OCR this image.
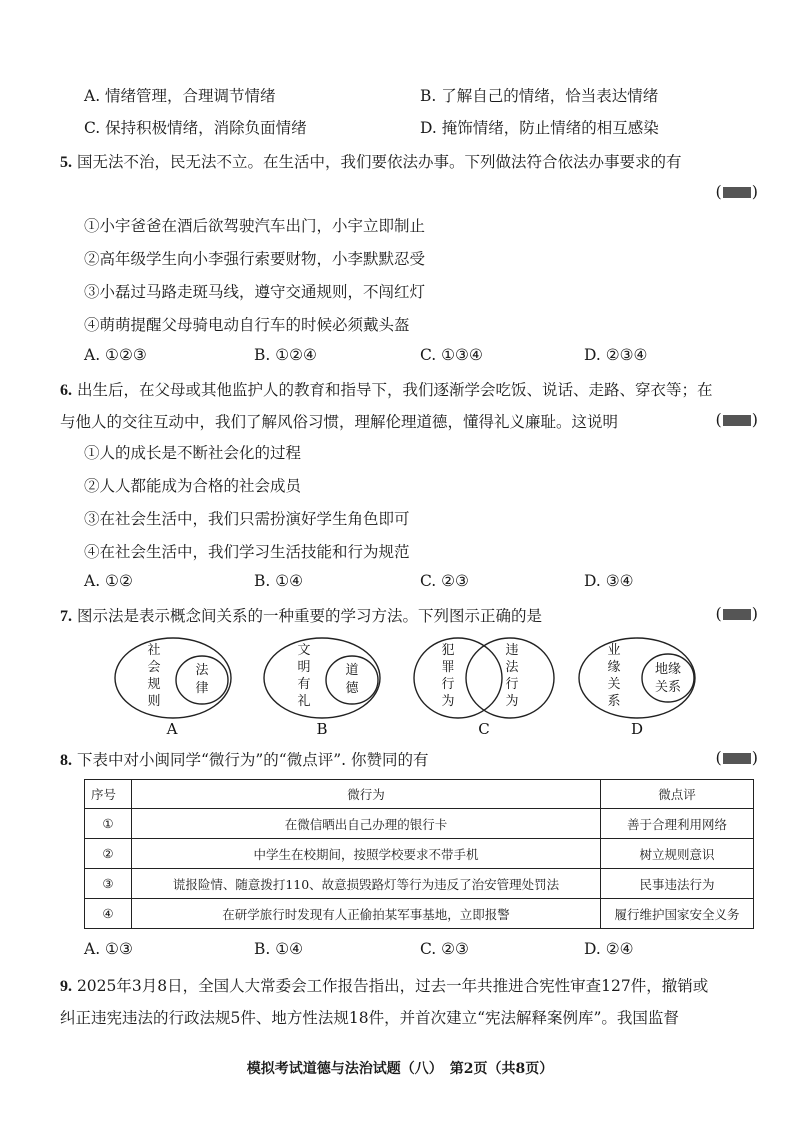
A. 情绪管理，合理调节情绪	B. 了解自己的情绪，恰当表达情绪
C. 保持积极情绪，消除负面情绪	D. 掩饰情绪，防止情绪的相互感染
5. 国无法不治，民无法不立。在生活中，我们要依法办事。下列做法符合依法办事要求的有
( )
①小宇爸爸在酒后欲驾驶汽车出门，小宇立即制止
②高年级学生向小李强行索要财物，小李默默忍受
③小磊过马路走斑马线，遵守交通规则，不闯红灯
④萌萌提醒父母骑电动自行车的时候必须戴头盔
A. ①②③	B. ①②④	C. ①③④	D. ②③④
6. 出生后，在父母或其他监护人的教育和指导下，我们逐渐学会吃饭、说话、走路、穿衣等；在
与他人的交往互动中，我们了解风俗习惯，理解伦理道德，懂得礼义廉耻。这说明	( )
①人的成长是不断社会化的过程
②人人都能成为合格的社会成员
③在社会生活中，我们只需扮演好学生角色即可
④在社会生活中，我们学习生活技能和行为规范
A. ①②	B. ①④	C. ②③	D. ③④
7. 图示法是表示概念间关系的一种重要的学习方法。下列图示正确的是	( )
社
会
规
则
法
律
A
文
明
有
礼
道
德
B
犯
罪
行
为
违
法
行
为
C
业
缘
关
系
地缘
关系
D
8. 下表中对小闽同学“微行为”的“微点评”. 你赞同的有	( )
序号	微行为	微点评
①	在微信晒出自己办理的银行卡	善于合理利用网络
②	中学生在校期间，按照学校要求不带手机	树立规则意识
③	谎报险情、随意拨打110、故意损毁路灯等行为违反了治安管理处罚法	民事违法行为
④	在研学旅行时发现有人正偷拍某军事基地，立即报警	履行维护国家安全义务
A. ①③	B. ①④	C. ②③	D. ②④
9. 2025年3月8日，全国人大常委会工作报告指出，过去一年共推进合宪性审查127件，撤销或
纠正违宪违法的行政法规5件、地方性法规18件，并首次建立“宪法解释案例库”。我国监督
模拟考试道德与法治试题（八）　第2页（共8页）
